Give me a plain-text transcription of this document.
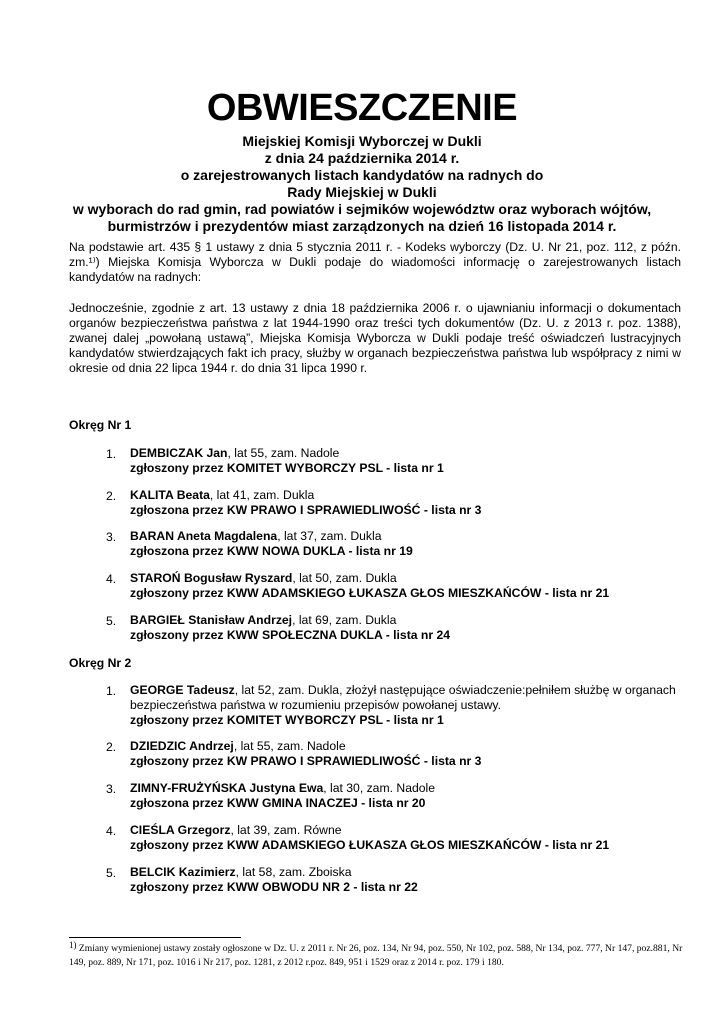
OBWIESZCZENIE
Miejskiej Komisji Wyborczej w Dukli
z dnia 24 października 2014 r.
o zarejestrowanych listach kandydatów na radnych do
Rady Miejskiej w Dukli
w wyborach do rad gmin, rad powiatów i sejmików województw oraz wyborach wójtów,
burmistrzów i prezydentów miast zarządzonych na dzień 16 listopada 2014 r.
Na podstawie art. 435 § 1 ustawy z dnia 5 stycznia 2011 r. - Kodeks wyborczy (Dz. U. Nr 21, poz. 112, z późn. zm.¹⁾) Miejska Komisja Wyborcza w Dukli podaje do wiadomości informację o zarejestrowanych listach kandydatów na radnych:
Jednocześnie, zgodnie z art. 13 ustawy z dnia 18 października 2006 r. o ujawnianiu informacji o dokumentach organów bezpieczeństwa państwa z lat 1944-1990 oraz treści tych dokumentów (Dz. U. z 2013 r. poz. 1388), zwanej dalej „powołaną ustawą”, Miejska Komisja Wyborcza w Dukli podaje treść oświadczeń lustracyjnych kandydatów stwierdzających fakt ich pracy, służby w organach bezpieczeństwa państwa lub współpracy z nimi w okresie od dnia 22 lipca 1944 r. do dnia 31 lipca 1990 r.
Okręg Nr 1
1. DEMBICZAK Jan, lat 55, zam. Nadole
zgłoszony przez KOMITET WYBORCZY PSL - lista nr 1
2. KALITA Beata, lat 41, zam. Dukla
zgłoszona przez KW PRAWO I SPRAWIEDLIWOŚĆ - lista nr 3
3. BARAN Aneta Magdalena, lat 37, zam. Dukla
zgłoszona przez KWW NOWA DUKLA - lista nr 19
4. STAROŃ Bogusław Ryszard, lat 50, zam. Dukla
zgłoszony przez KWW ADAMSKIEGO ŁUKASZA GŁOS MIESZKAŃCÓW - lista nr 21
5. BARGIEŁ Stanisław Andrzej, lat 69, zam. Dukla
zgłoszony przez KWW SPOŁECZNA DUKLA - lista nr 24
Okręg Nr 2
1. GEORGE Tadeusz, lat 52, zam. Dukla, złożył następujące oświadczenie:pełniłem służbę w organach
bezpieczeństwa państwa w rozumieniu przepisów powołanej ustawy.
zgłoszony przez KOMITET WYBORCZY PSL - lista nr 1
2. DZIEDZIC Andrzej, lat 55, zam. Nadole
zgłoszony przez KW PRAWO I SPRAWIEDLIWOŚĆ - lista nr 3
3. ZIMNY-FRUŻYŃSKA Justyna Ewa, lat 30, zam. Nadole
zgłoszona przez KWW GMINA INACZEJ - lista nr 20
4. CIEŚLA Grzegorz, lat 39, zam. Równe
zgłoszony przez KWW ADAMSKIEGO ŁUKASZA GŁOS MIESZKAŃCÓW - lista nr 21
5. BELCIK Kazimierz, lat 58, zam. Zboiska
zgłoszony przez KWW OBWODU NR 2 - lista nr 22
$^{1)}$ Zmiany wymienionej ustawy zostały ogłoszone w Dz. U. z 2011 r. Nr 26, poz. 134, Nr 94, poz. 550, Nr 102, poz. 588, Nr 134, poz. 777, Nr 147, poz.881, Nr 149, poz. 889, Nr 171, poz. 1016 i Nr 217, poz. 1281, z 2012 r.poz. 849, 951 i 1529 oraz z 2014 r. poz. 179 i 180.
